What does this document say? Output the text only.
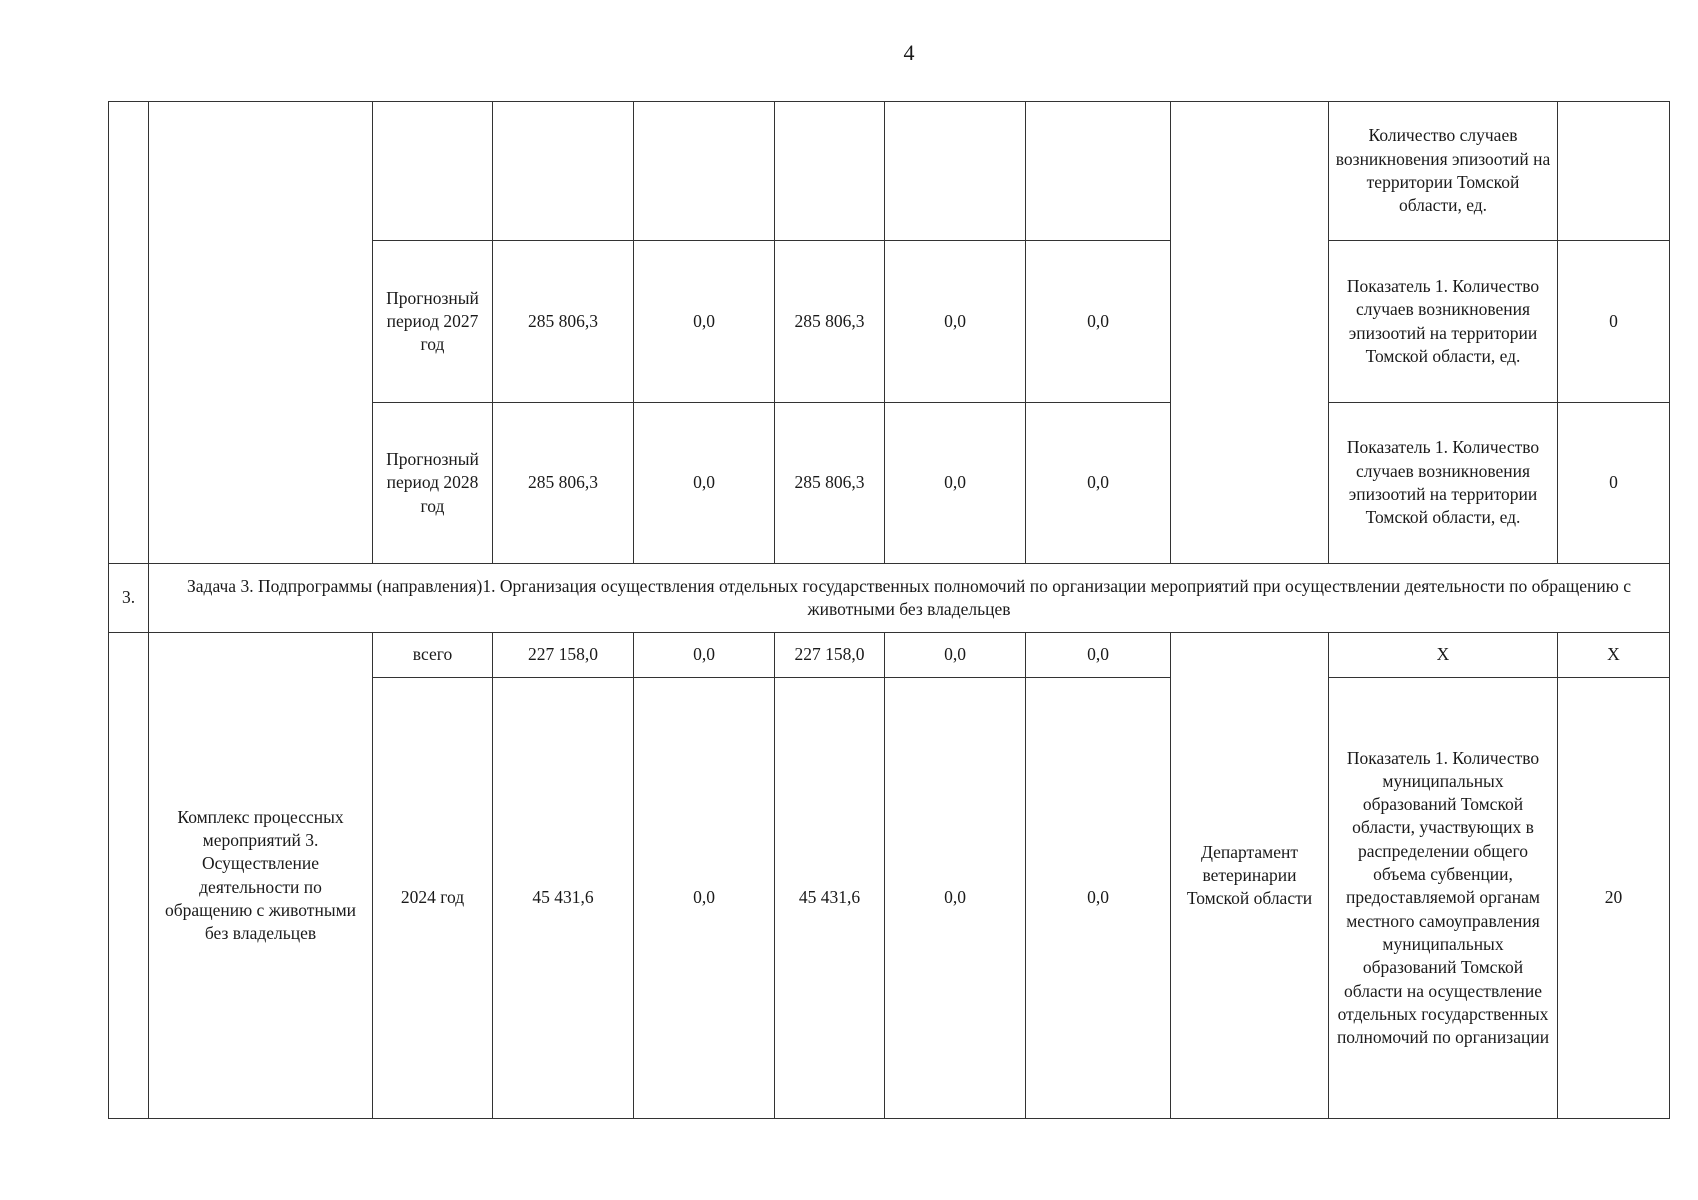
4
									Количество случаев возникновения эпизоотий на территории Томской области, ед.	
		Прогнозный период 2027 год	285 806,3	0,0	285 806,3	0,0	0,0		Показатель 1. Количество случаев возникновения эпизоотий на территории Томской области, ед.	0
		Прогнозный период 2028 год	285 806,3	0,0	285 806,3	0,0	0,0		Показатель 1. Количество случаев возникновения эпизоотий на территории Томской области, ед.	0
3.	Задача 3. Подпрограммы (направления)1. Организация осуществления отдельных государственных полномочий по организации мероприятий при осуществлении деятельности по обращению с животными без владельцев									
	Комплекс процессных мероприятий 3. Осуществление деятельности по обращению с животными без владельцев	всего	227 158,0	0,0	227 158,0	0,0	0,0	Департамент ветеринарии Томской области	Х	Х
		2024 год	45 431,6	0,0	45 431,6	0,0	0,0		Показатель 1. Количество муниципальных образований Томской области, участвующих в распределении общего объема субвенции, предоставляемой органам местного самоуправления муниципальных образований Томской области на осуществление отдельных государственных полномочий по организации	20
